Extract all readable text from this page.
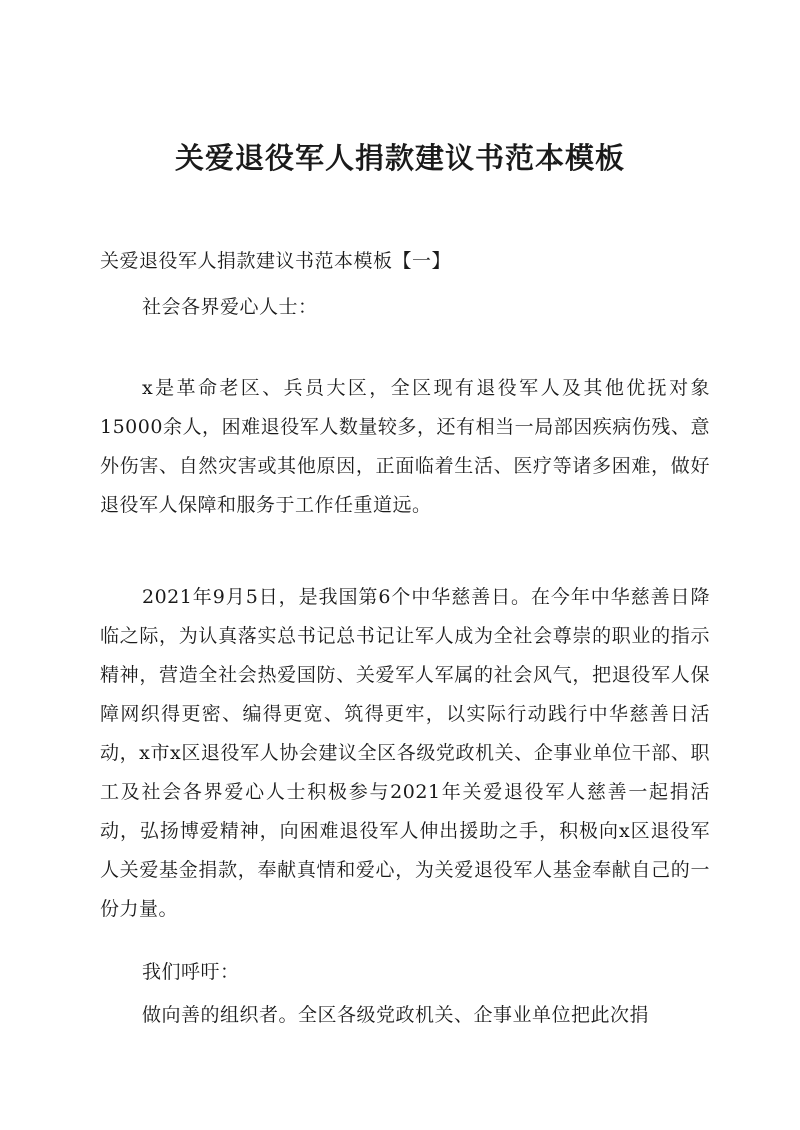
关爱退役军人捐款建议书范本模板
关爱退役军人捐款建议书范本模板【一】
社会各界爱心人士：

x是革命老区、兵员大区，全区现有退役军人及其他优抚对象15000余人，困难退役军人数量较多，还有相当一局部因疾病伤残、意外伤害、自然灾害或其他原因，正面临着生活、医疗等诸多困难，做好退役军人保障和服务于工作任重道远。

2021年9月5日，是我国第6个中华慈善日。在今年中华慈善日降临之际，为认真落实总书记总书记让军人成为全社会尊崇的职业的指示精神，营造全社会热爱国防、关爱军人军属的社会风气，把退役军人保障网织得更密、编得更宽、筑得更牢，以实际行动践行中华慈善日活动，x市x区退役军人协会建议全区各级党政机关、企事业单位干部、职工及社会各界爱心人士积极参与2021年关爱退役军人慈善一起捐活动，弘扬博爱精神，向困难退役军人伸出援助之手，积极向x区退役军人关爱基金捐款，奉献真情和爱心，为关爱退役军人基金奉献自己的一份力量。

我们呼吁：

做向善的组织者。全区各级党政机关、企事业单位把此次捐
